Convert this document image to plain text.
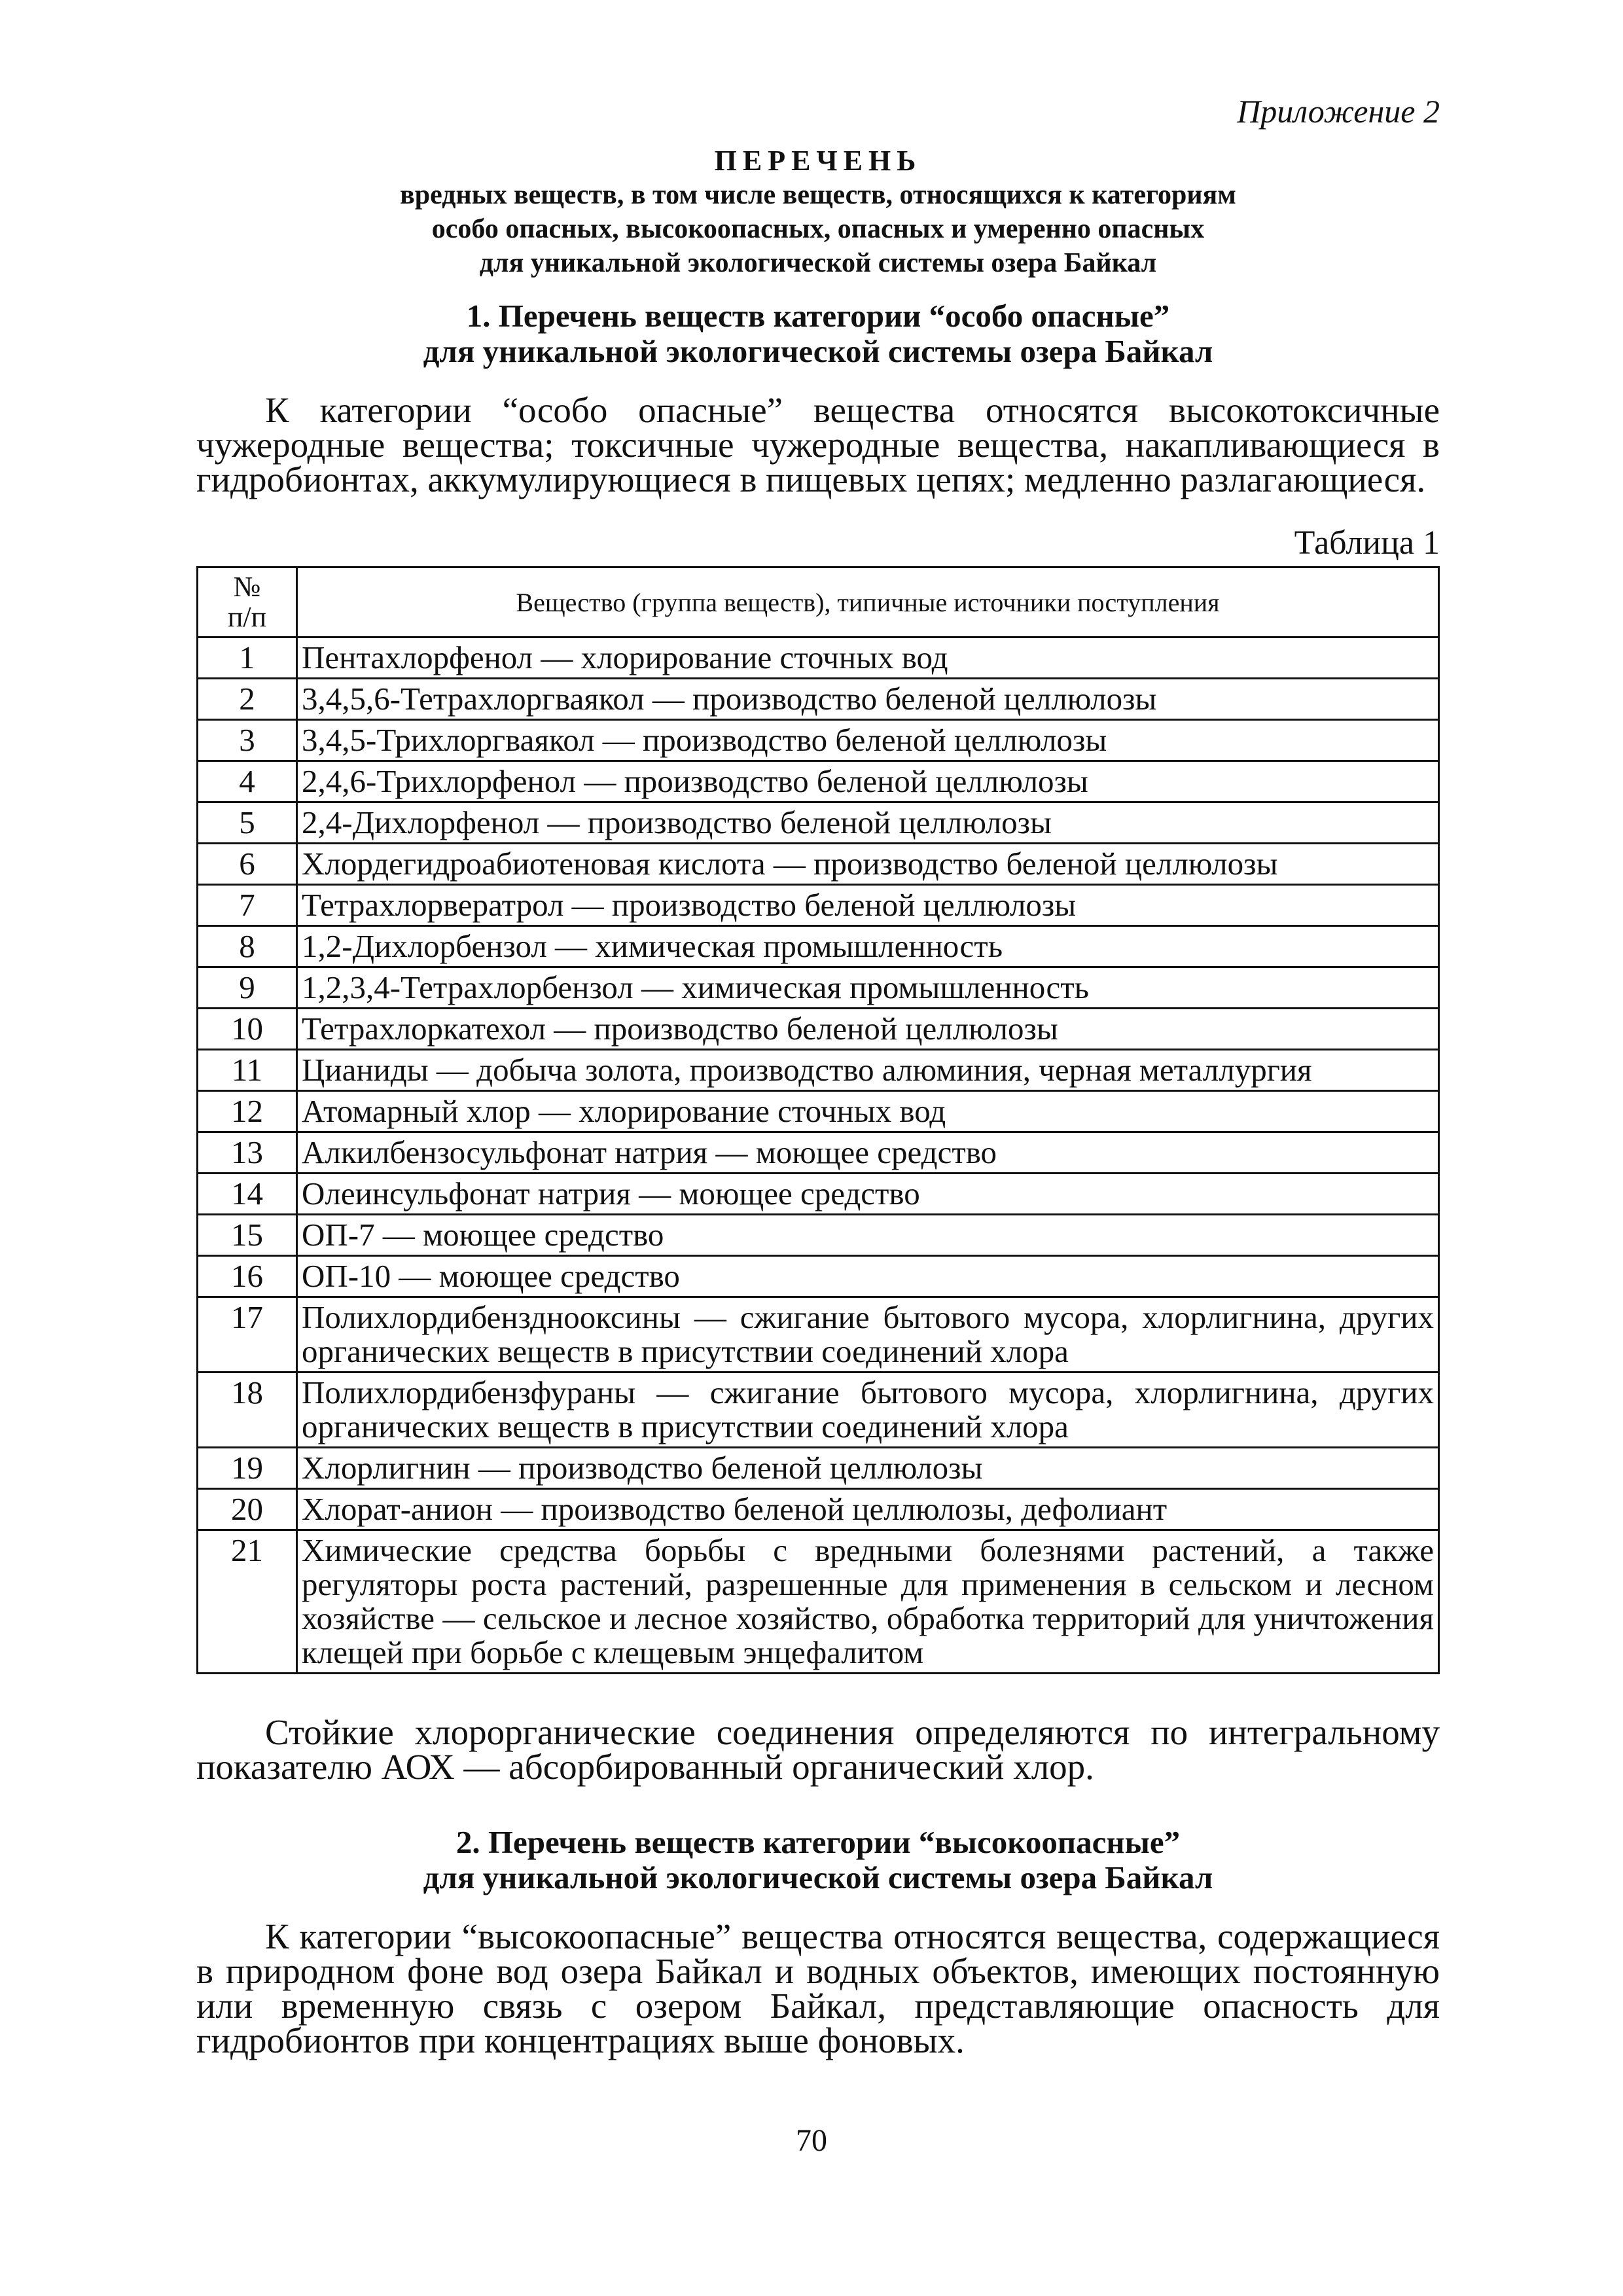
Приложение 2

ПЕРЕЧЕНЬ

вредных веществ, в том числе веществ, относящихся к категориям
особо опасных, высокоопасных, опасных и умеренно опасных
для уникальной экологической системы озера Байкал
1. Перечень веществ категории “особо опасные”
для уникальной экологической системы озера Байкал

К категории “особо опасные” вещества относятся высокотоксичные чужеродные вещества; токсичные чужеродные вещества, накапливающиеся в гидробионтах, аккумулирующиеся в пищевых цепях; медленно разлагающиеся.

Таблица 1
№
п/п	Вещество (группа веществ), типичные источники поступления
1	Пентахлорфенол — хлорирование сточных вод
2	3,4,5,6-Тетрахлоргваякол — производство беленой целлюлозы
3	3,4,5-Трихлоргваякол — производство беленой целлюлозы
4	2,4,6-Трихлорфенол — производство беленой целлюлозы
5	2,4-Дихлорфенол — производство беленой целлюлозы
6	Хлордегидроабиотеновая кислота — производство беленой целлюлозы
7	Тетрахлорвератрол — производство беленой целлюлозы
8	1,2-Дихлорбензол — химическая промышленность
9	1,2,3,4-Тетрахлорбензол — химическая промышленность
10	Тетрахлоркатехол — производство беленой целлюлозы
11	Цианиды — добыча золота, производство алюминия, черная металлургия
12	Атомарный хлор — хлорирование сточных вод
13	Алкилбензосульфонат натрия — моющее средство
14	Олеинсульфонат натрия — моющее средство
15	ОП-7 — моющее средство
16	ОП-10 — моющее средство
17	Полихлордибензднооксины — сжигание бытового мусора, хлорлигнина, других органических веществ в присутствии соединений хлора
18	Полихлордибензфураны — сжигание бытового мусора, хлорлигнина, других органических веществ в присутствии соединений хлора
19	Хлорлигнин — производство беленой целлюлозы
20	Хлорат-анион — производство беленой целлюлозы, дефолиант
21	Химические средства борьбы с вредными болезнями растений, а также регуляторы роста растений, разрешенные для применения в сельском и лесном хозяйстве — сельское и лесное хозяйство, обработка территорий для уничтожения клещей при борьбе с клещевым энцефалитом

Стойкие хлорорганические соединения определяются по интегральному показателю АОХ — абсорбированный органический хлор.

2. Перечень веществ категории “высокоопасные”
для уникальной экологической системы озера Байкал

К категории “высокоопасные” вещества относятся вещества, содержащиеся в природном фоне вод озера Байкал и водных объектов, имеющих постоянную или временную связь с озером Байкал, представляющие опасность для гидробионтов при концентрациях выше фоновых.

70
